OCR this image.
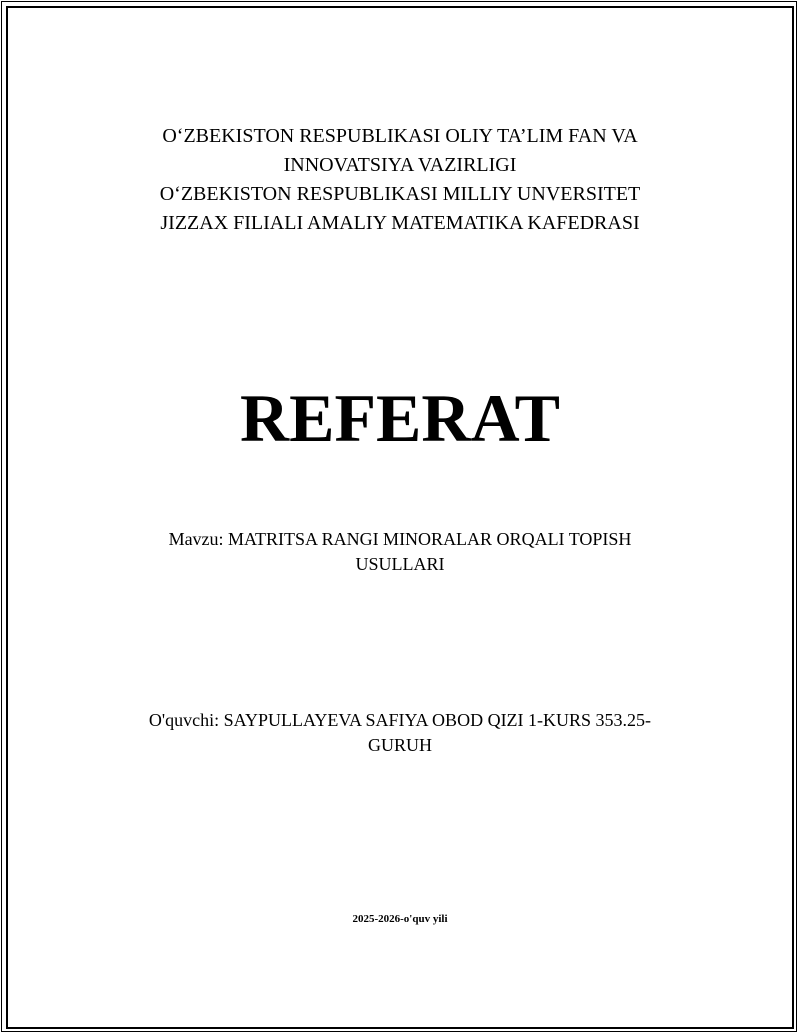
O‘ZBEKISTON RESPUBLIKASI OLIY TA’LIM FAN VA
INNOVATSIYA VAZIRLIGI
O‘ZBEKISTON RESPUBLIKASI MILLIY UNVERSITET
JIZZAX FILIALI AMALIY MATEMATIKA KAFEDRASI
REFERAT
Mavzu: MATRITSA RANGI MINORALAR ORQALI TOPISH
USULLARI
O'quvchi: SAYPULLAYEVA SAFIYA OBOD QIZI 1-KURS 353.25-
GURUH
2025-2026-o'quv yili
